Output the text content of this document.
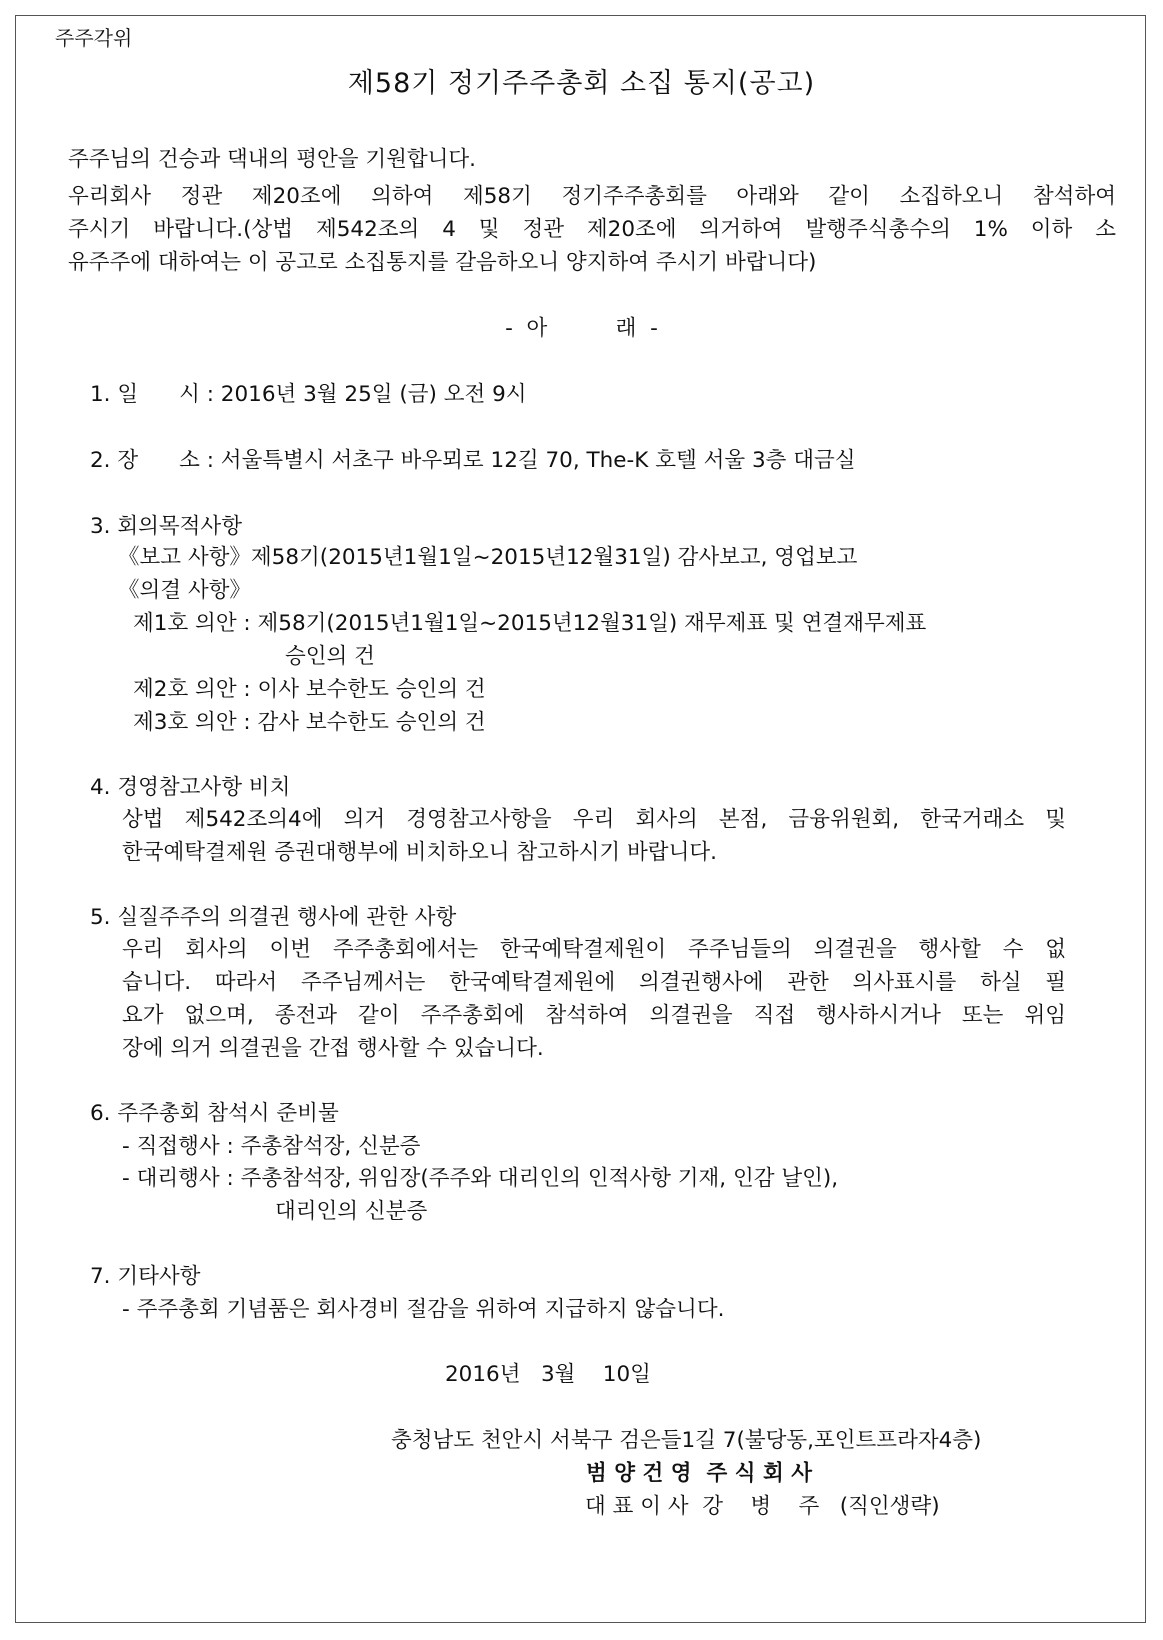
주주각위
제58기 정기주주총회 소집 통지(공고)
주주님의 건승과 댁내의 평안을 기원합니다.
우리회사 정관 제20조에 의하여 제58기 정기주주총회를 아래와 같이 소집하오니 참석하여
주시기 바랍니다.(상법 제542조의 4 및 정관 제20조에 의거하여 발행주식총수의 1% 이하 소
유주주에 대하여는 이 공고로 소집통지를 갈음하오니 양지하여 주시기 바랍니다)
-  아          래  -
1. 일      시 : 2016년 3월 25일 (금) 오전 9시
2. 장      소 : 서울특별시 서초구 바우뫼로 12길 70, The-K 호텔 서울 3층 대금실
3. 회의목적사항
《보고 사항》제58기(2015년1월1일~2015년12월31일) 감사보고, 영업보고
《의결 사항》
제1호 의안 : 제58기(2015년1월1일~2015년12월31일) 재무제표 및 연결재무제표
승인의 건
제2호 의안 : 이사 보수한도 승인의 건
제3호 의안 : 감사 보수한도 승인의 건
4. 경영참고사항 비치
상법 제542조의4에 의거 경영참고사항을 우리 회사의 본점, 금융위원회, 한국거래소 및
한국예탁결제원 증권대행부에 비치하오니 참고하시기 바랍니다.
5. 실질주주의 의결권 행사에 관한 사항
우리 회사의 이번 주주총회에서는 한국예탁결제원이 주주님들의 의결권을 행사할 수 없
습니다. 따라서 주주님께서는 한국예탁결제원에 의결권행사에 관한 의사표시를 하실 필
요가 없으며, 종전과 같이 주주총회에 참석하여 의결권을 직접 행사하시거나 또는 위임
장에 의거 의결권을 간접 행사할 수 있습니다.
6. 주주총회 참석시 준비물
- 직접행사 : 주총참석장, 신분증
- 대리행사 : 주총참석장, 위임장(주주와 대리인의 인적사항 기재, 인감 날인),
대리인의 신분증
7. 기타사항
- 주주총회 기념품은 회사경비 절감을 위하여 지급하지 않습니다.
2016년   3월    10일
충청남도 천안시 서북구 검은들1길 7(불당동,포인트프라자4층)
범 양 건 영  주 식 회 사
대 표 이 사  강    병    주   (직인생략)
